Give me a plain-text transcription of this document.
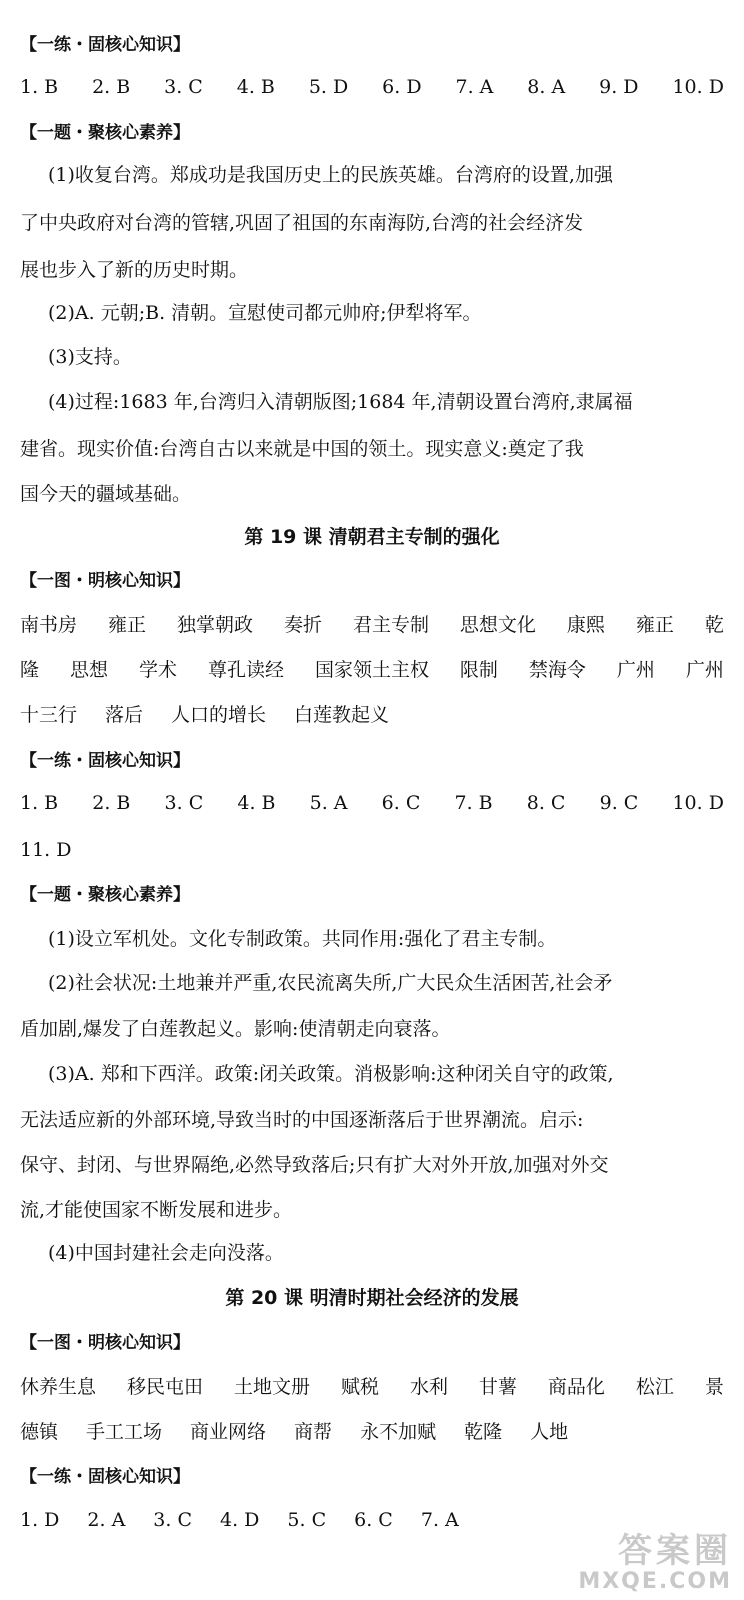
【一练・固核心知识】
1. B 2. B 3. C 4. B 5. D 6. D 7. A 8. A 9. D 10. D
【一题・聚核心素养】
(1)收复台湾。郑成功是我国历史上的民族英雄。台湾府的设置,加强
了中央政府对台湾的管辖,巩固了祖国的东南海防,台湾的社会经济发
展也步入了新的历史时期。
(2)A. 元朝;B. 清朝。宣慰使司都元帅府;伊犁将军。
(3)支持。
(4)过程:1683 年,台湾归入清朝版图;1684 年,清朝设置台湾府,隶属福
建省。现实价值:台湾自古以来就是中国的领土。现实意义:奠定了我
国今天的疆域基础。
第 19 课 清朝君主专制的强化
【一图・明核心知识】
南书房 雍正 独掌朝政 奏折 君主专制 思想文化 康熙 雍正 乾
隆 思想 学术 尊孔读经 国家领土主权 限制 禁海令 广州 广州
十三行 落后 人口的增长 白莲教起义
【一练・固核心知识】
1. B 2. B 3. C 4. B 5. A 6. C 7. B 8. C 9. C 10. D
11. D
【一题・聚核心素养】
(1)设立军机处。文化专制政策。共同作用:强化了君主专制。
(2)社会状况:土地兼并严重,农民流离失所,广大民众生活困苦,社会矛
盾加剧,爆发了白莲教起义。影响:使清朝走向衰落。
(3)A. 郑和下西洋。政策:闭关政策。消极影响:这种闭关自守的政策,
无法适应新的外部环境,导致当时的中国逐渐落后于世界潮流。启示:
保守、封闭、与世界隔绝,必然导致落后;只有扩大对外开放,加强对外交
流,才能使国家不断发展和进步。
(4)中国封建社会走向没落。
第 20 课 明清时期社会经济的发展
【一图・明核心知识】
休养生息 移民屯田 土地文册 赋税 水利 甘薯 商品化 松江 景
德镇 手工工场 商业网络 商帮 永不加赋 乾隆 人地
【一练・固核心知识】
1. D 2. A 3. C 4. D 5. C 6. C 7. A
答案圈
MXQE.COM
